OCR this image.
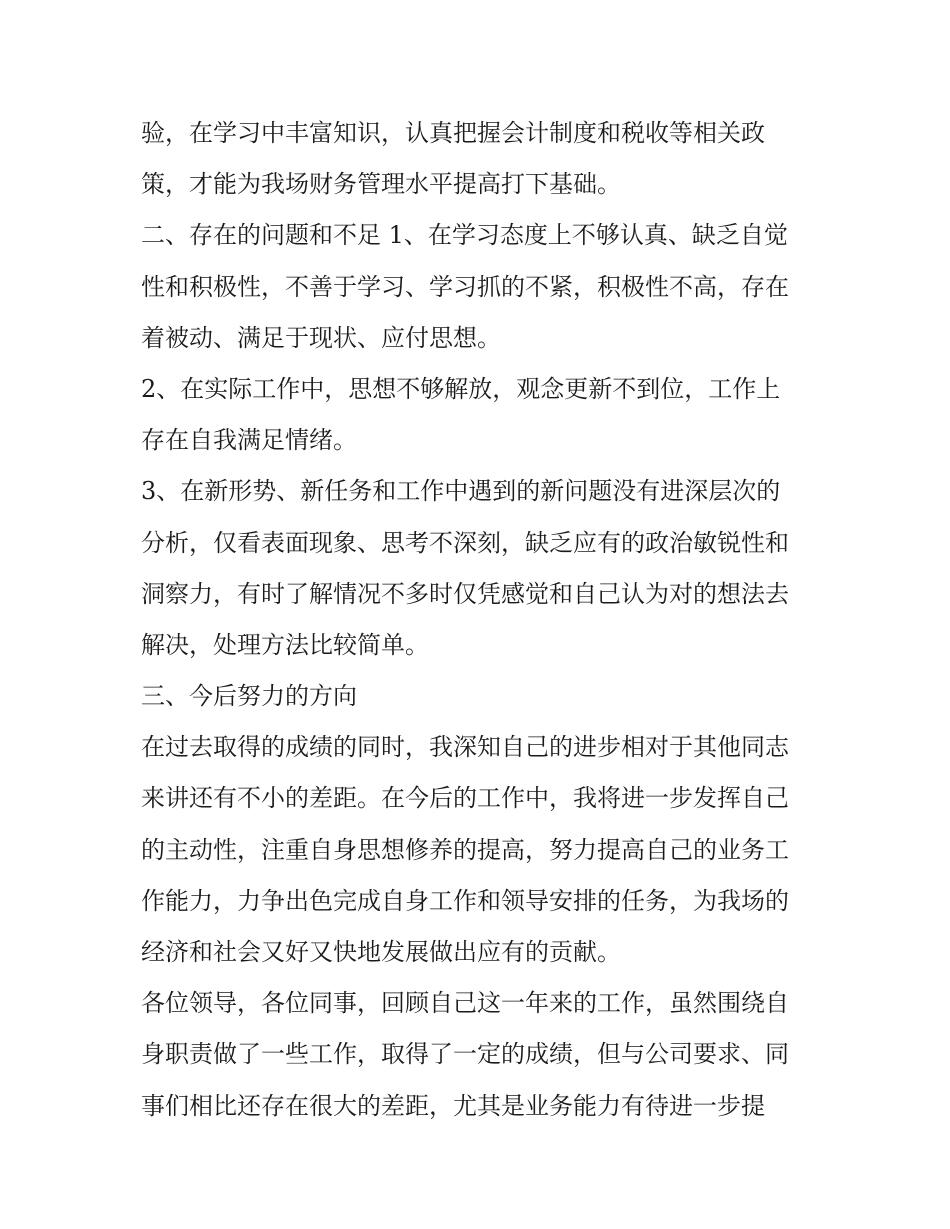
验，在学习中丰富知识，认真把握会计制度和税收等相关政
策，才能为我场财务管理水平提高打下基础。
二、存在的问题和不足 1、在学习态度上不够认真、缺乏自觉
性和积极性，不善于学习、学习抓的不紧，积极性不高，存在
着被动、满足于现状、应付思想。
2、在实际工作中，思想不够解放，观念更新不到位，工作上
存在自我满足情绪。
3、在新形势、新任务和工作中遇到的新问题没有进深层次的
分析，仅看表面现象、思考不深刻，缺乏应有的政治敏锐性和
洞察力，有时了解情况不多时仅凭感觉和自己认为对的想法去
解决，处理方法比较简单。
三、今后努力的方向
在过去取得的成绩的同时，我深知自己的进步相对于其他同志
来讲还有不小的差距。在今后的工作中，我将进一步发挥自己
的主动性，注重自身思想修养的提高，努力提高自己的业务工
作能力，力争出色完成自身工作和领导安排的任务，为我场的
经济和社会又好又快地发展做出应有的贡献。
各位领导，各位同事，回顾自己这一年来的工作，虽然围绕自
身职责做了一些工作，取得了一定的成绩，但与公司要求、同
事们相比还存在很大的差距，尤其是业务能力有待进一步提
